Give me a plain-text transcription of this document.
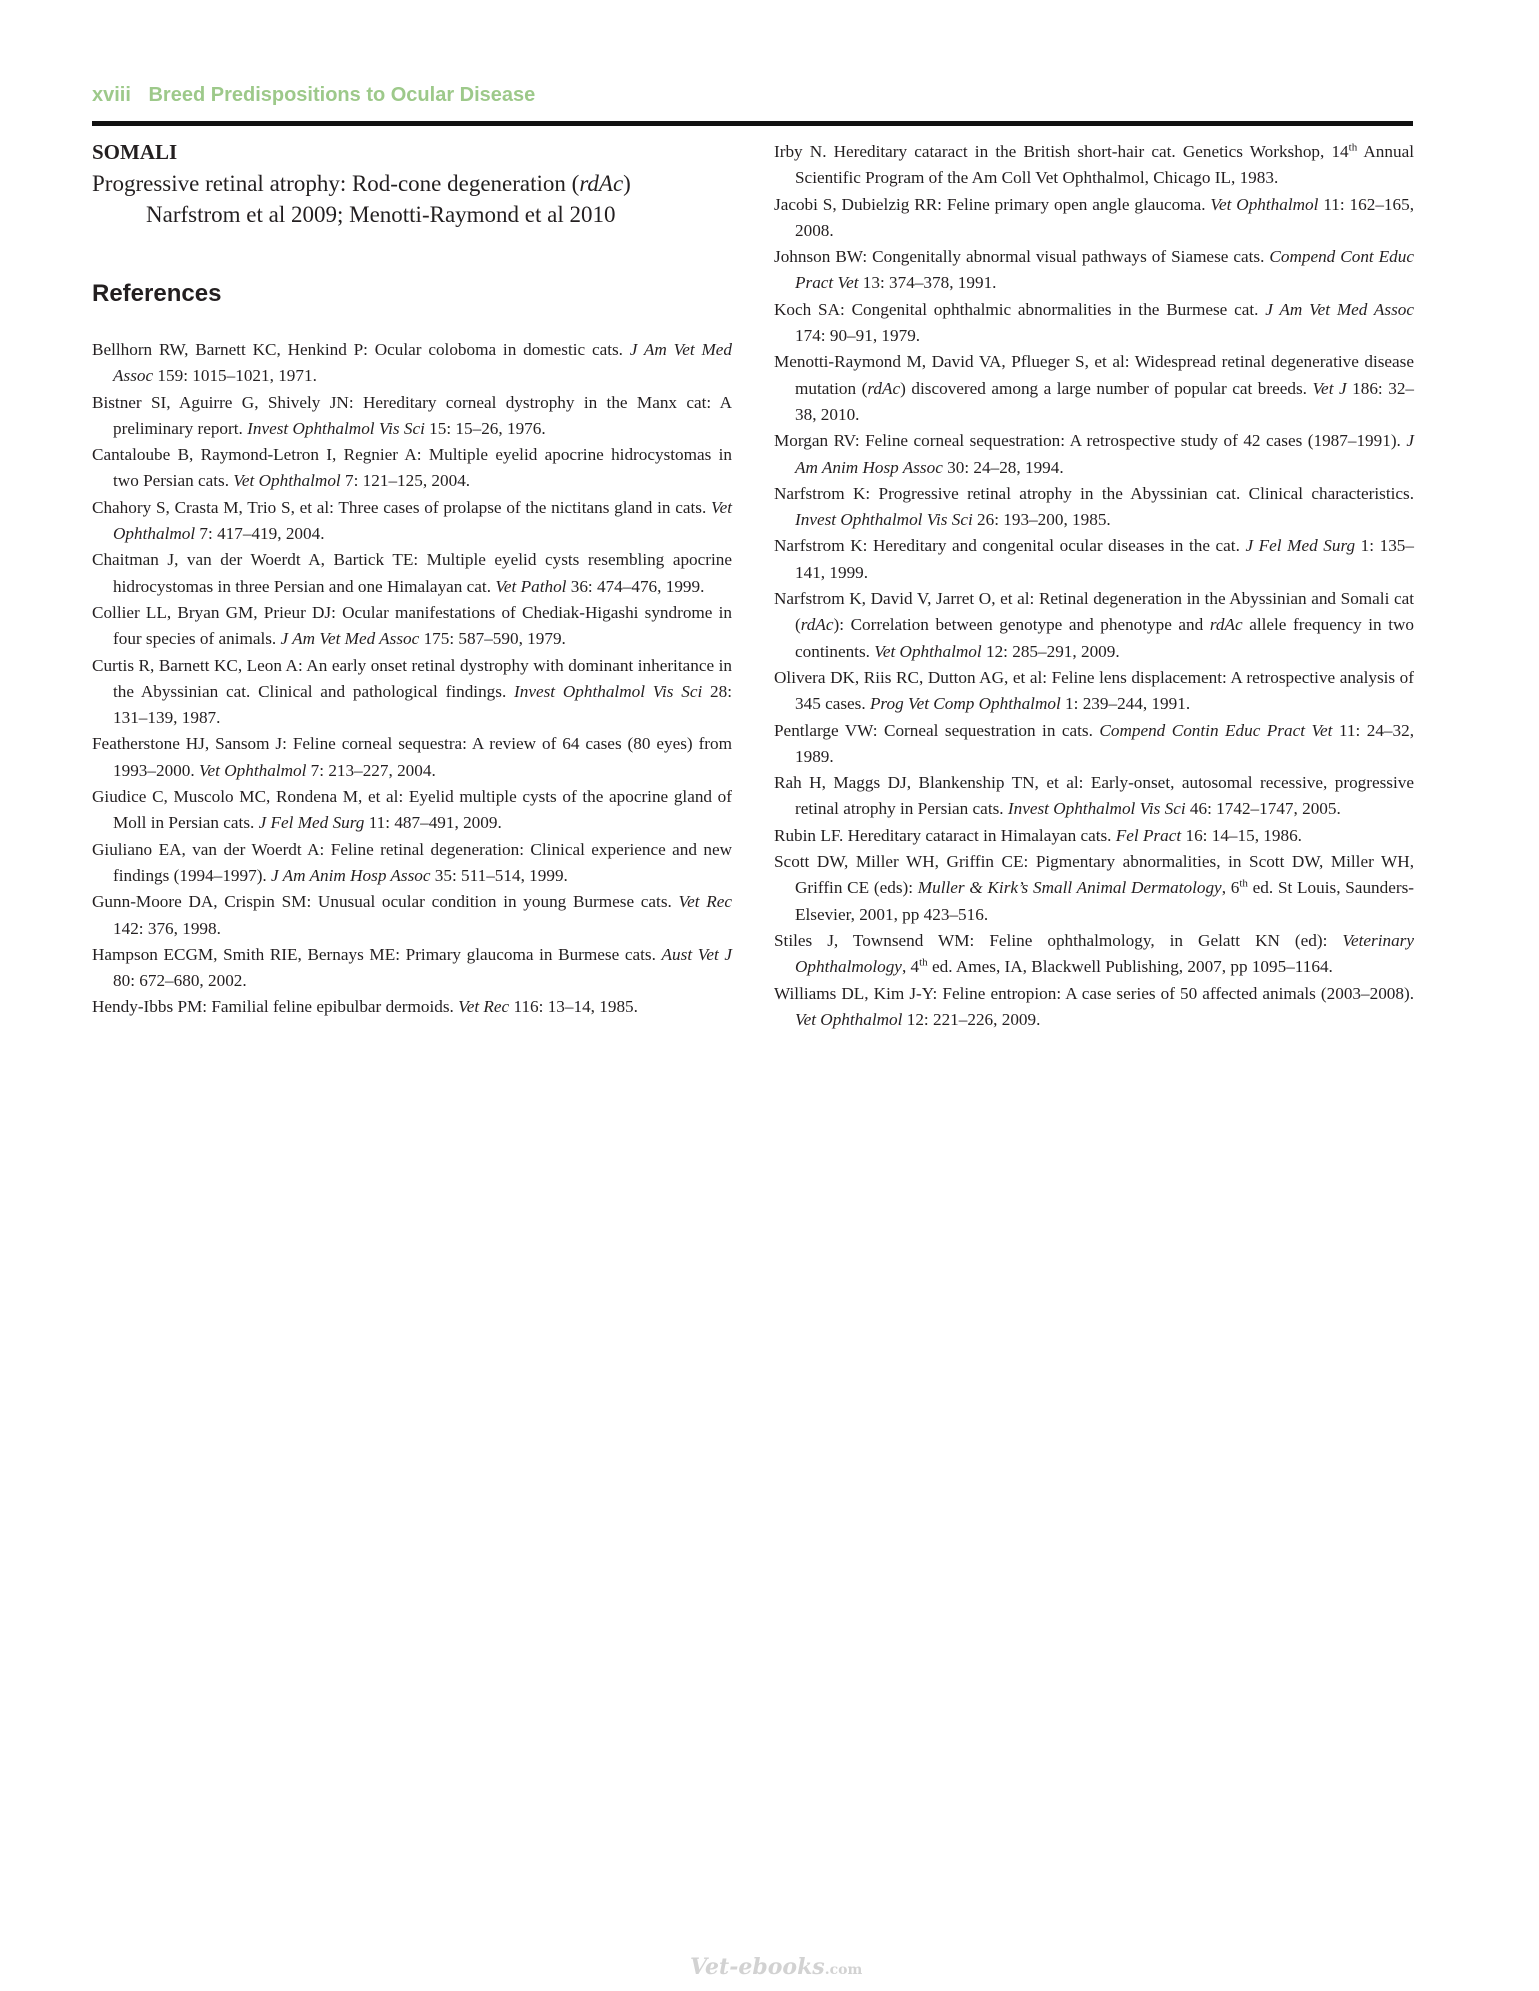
xviii Breed Predispositions to Ocular Disease

SOMALI

Progressive retinal atrophy: Rod-cone degeneration (rdAc)

Narfstrom et al 2009; Menotti-Raymond et al 2010

References
Bellhorn RW, Barnett KC, Henkind P: Ocular coloboma in domestic cats. J Am Vet Med Assoc 159: 1015–1021, 1971.
Bistner SI, Aguirre G, Shively JN: Hereditary corneal dystrophy in the Manx cat: A preliminary report. Invest Ophthalmol Vis Sci 15: 15–26, 1976.
Cantaloube B, Raymond-Letron I, Regnier A: Multiple eyelid apocrine hidrocystomas in two Persian cats. Vet Ophthalmol 7: 121–125, 2004.
Chahory S, Crasta M, Trio S, et al: Three cases of prolapse of the nictitans gland in cats. Vet Ophthalmol 7: 417–419, 2004.
Chaitman J, van der Woerdt A, Bartick TE: Multiple eyelid cysts resembling apocrine hidrocystomas in three Persian and one Himalayan cat. Vet Pathol 36: 474–476, 1999.
Collier LL, Bryan GM, Prieur DJ: Ocular manifestations of Chediak-Higashi syndrome in four species of animals. J Am Vet Med Assoc 175: 587–590, 1979.
Curtis R, Barnett KC, Leon A: An early onset retinal dystrophy with dominant inheritance in the Abyssinian cat. Clinical and pathological findings. Invest Ophthalmol Vis Sci 28: 131–139, 1987.
Featherstone HJ, Sansom J: Feline corneal sequestra: A review of 64 cases (80 eyes) from 1993–2000. Vet Ophthalmol 7: 213–227, 2004.
Giudice C, Muscolo MC, Rondena M, et al: Eyelid multiple cysts of the apocrine gland of Moll in Persian cats. J Fel Med Surg 11: 487–491, 2009.
Giuliano EA, van der Woerdt A: Feline retinal degeneration: Clinical experience and new findings (1994–1997). J Am Anim Hosp Assoc 35: 511–514, 1999.
Gunn-Moore DA, Crispin SM: Unusual ocular condition in young Burmese cats. Vet Rec 142: 376, 1998.
Hampson ECGM, Smith RIE, Bernays ME: Primary glaucoma in Burmese cats. Aust Vet J 80: 672–680, 2002.
Hendy-Ibbs PM: Familial feline epibulbar dermoids. Vet Rec 116: 13–14, 1985.
Irby N. Hereditary cataract in the British short-hair cat. Genetics Workshop, 14th Annual Scientific Program of the Am Coll Vet Ophthalmol, Chicago IL, 1983.
Jacobi S, Dubielzig RR: Feline primary open angle glaucoma. Vet Ophthalmol 11: 162–165, 2008.
Johnson BW: Congenitally abnormal visual pathways of Siamese cats. Compend Cont Educ Pract Vet 13: 374–378, 1991.
Koch SA: Congenital ophthalmic abnormalities in the Burmese cat. J Am Vet Med Assoc 174: 90–91, 1979.
Menotti-Raymond M, David VA, Pflueger S, et al: Widespread retinal degenerative disease mutation (rdAc) discovered among a large number of popular cat breeds. Vet J 186: 32–38, 2010.
Morgan RV: Feline corneal sequestration: A retrospective study of 42 cases (1987–1991). J Am Anim Hosp Assoc 30: 24–28, 1994.
Narfstrom K: Progressive retinal atrophy in the Abyssinian cat. Clinical characteristics. Invest Ophthalmol Vis Sci 26: 193–200, 1985.
Narfstrom K: Hereditary and congenital ocular diseases in the cat. J Fel Med Surg 1: 135–141, 1999.
Narfstrom K, David V, Jarret O, et al: Retinal degeneration in the Abyssinian and Somali cat (rdAc): Correlation between genotype and phenotype and rdAc allele frequency in two continents. Vet Ophthalmol 12: 285–291, 2009.
Olivera DK, Riis RC, Dutton AG, et al: Feline lens displacement: A retrospective analysis of 345 cases. Prog Vet Comp Ophthalmol 1: 239–244, 1991.
Pentlarge VW: Corneal sequestration in cats. Compend Contin Educ Pract Vet 11: 24–32, 1989.
Rah H, Maggs DJ, Blankenship TN, et al: Early-onset, autosomal recessive, progressive retinal atrophy in Persian cats. Invest Ophthalmol Vis Sci 46: 1742–1747, 2005.
Rubin LF. Hereditary cataract in Himalayan cats. Fel Pract 16: 14–15, 1986.
Scott DW, Miller WH, Griffin CE: Pigmentary abnormalities, in Scott DW, Miller WH, Griffin CE (eds): Muller & Kirk’s Small Animal Dermatology, 6th ed. St Louis, Saunders-Elsevier, 2001, pp 423–516.
Stiles J, Townsend WM: Feline ophthalmology, in Gelatt KN (ed): Veterinary Ophthalmology, 4th ed. Ames, IA, Blackwell Publishing, 2007, pp 1095–1164.
Williams DL, Kim J-Y: Feline entropion: A case series of 50 affected animals (2003–2008). Vet Ophthalmol 12: 221–226, 2009.
Vet-ebooks.com
